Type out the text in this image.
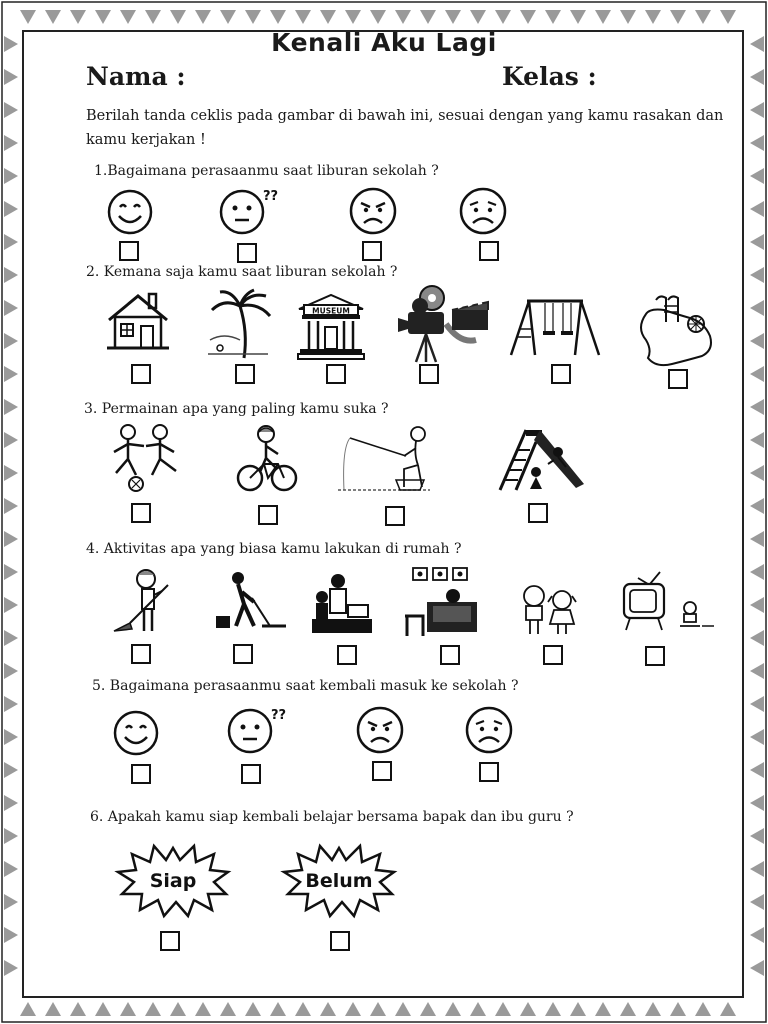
Kenali Aku Lagi
Nama :	Kelas :
Berilah tanda ceklis pada gambar di bawah ini, sesuai dengan yang kamu rasakan dan kamu kerjakan !
1.Bagaimana perasaanmu saat liburan sekolah ?
??
2. Kemana saja kamu saat liburan sekolah ?
MUSEUM
3. Permainan apa yang paling kamu suka ?
4. Aktivitas apa yang biasa kamu lakukan di rumah ?
5. Bagaimana perasaanmu saat kembali masuk ke sekolah ?
??
6. Apakah kamu siap kembali belajar bersama bapak dan ibu guru ?
Siap	Belum
